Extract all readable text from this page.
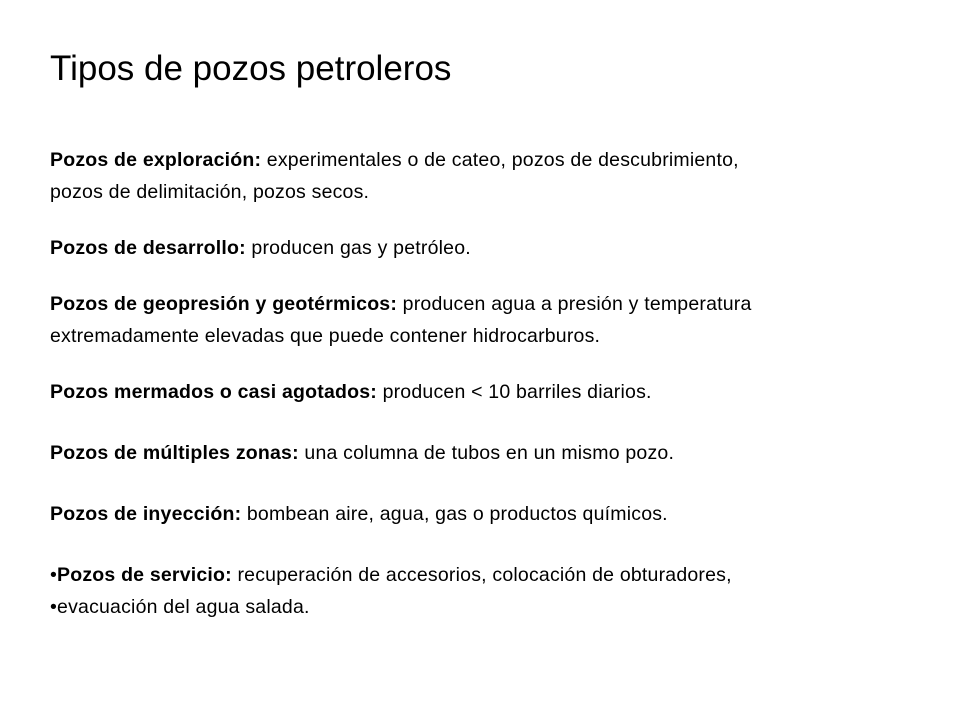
Tipos de pozos petroleros
Pozos de exploración: experimentales o de cateo, pozos de descubrimiento,
pozos de delimitación, pozos secos.
Pozos de desarrollo: producen gas y petróleo.
Pozos de geopresión y geotérmicos: producen agua a presión y temperatura
extremadamente elevadas que puede contener hidrocarburos.
Pozos mermados o casi agotados: producen < 10 barriles diarios.
Pozos de múltiples zonas: una columna de tubos en un mismo pozo.
Pozos de inyección: bombean aire, agua, gas o productos químicos.
•Pozos de servicio: recuperación de accesorios, colocación de obturadores,
•evacuación del agua salada.
